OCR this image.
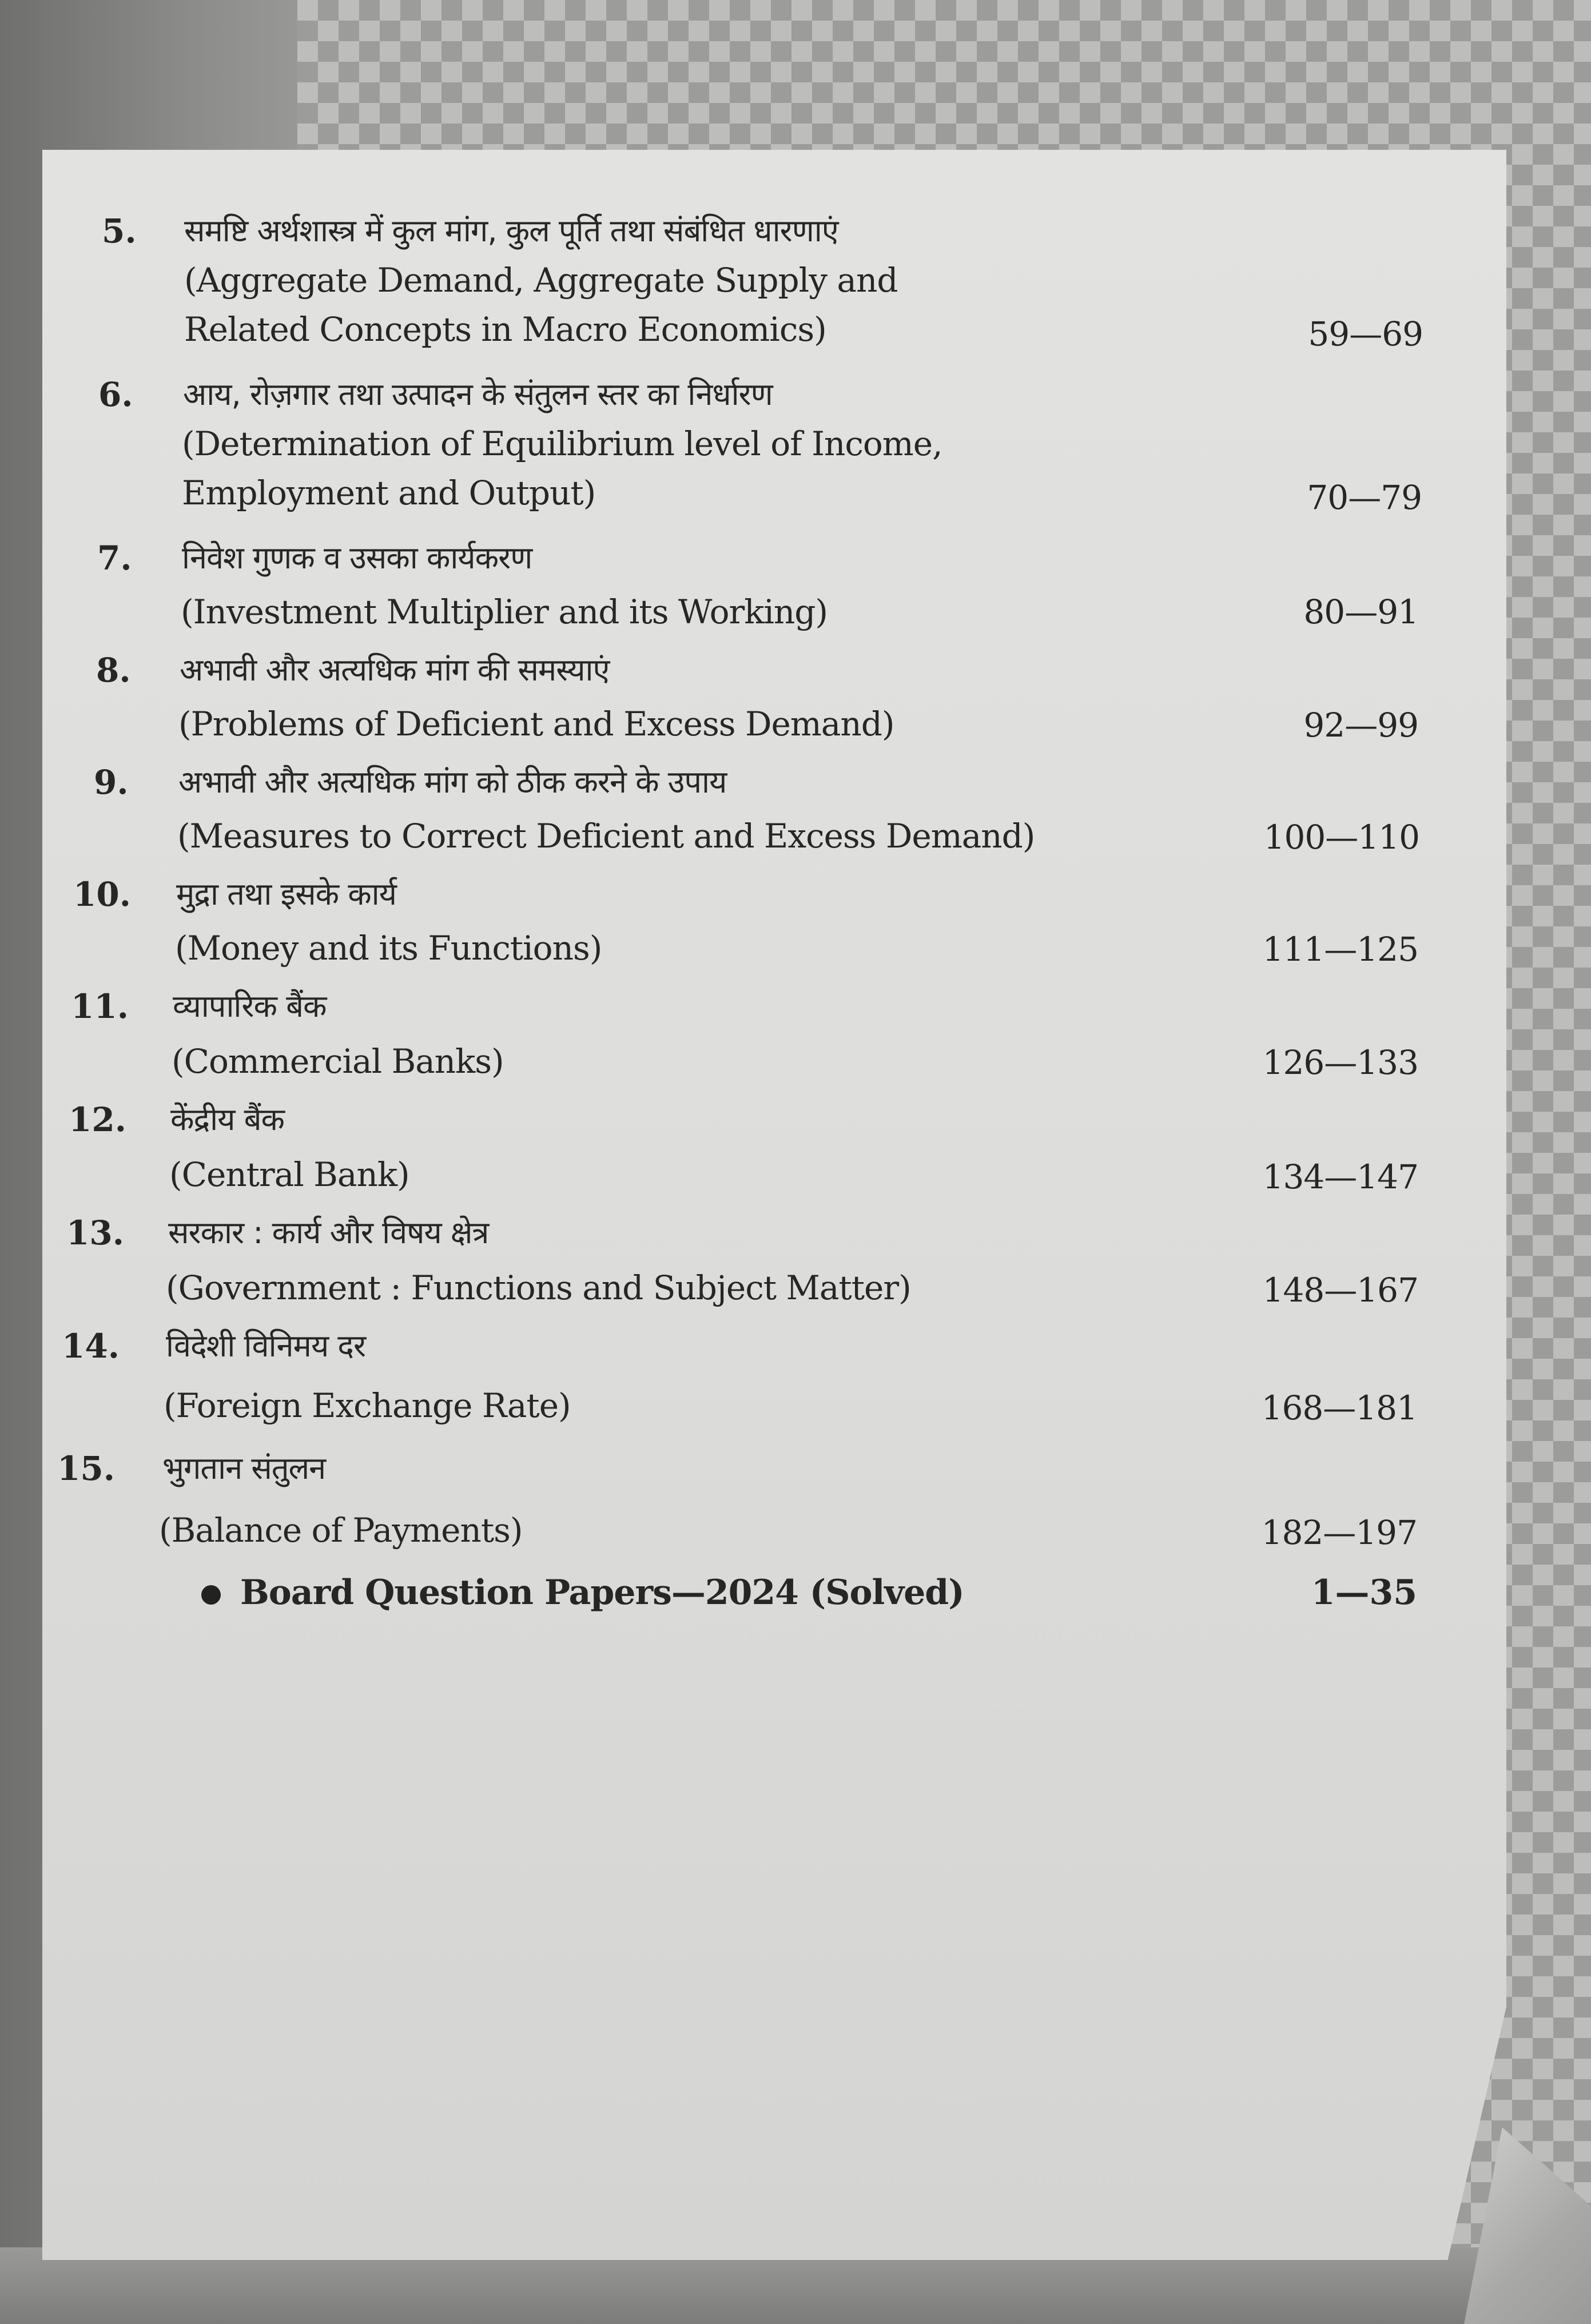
5. समष्टि अर्थशास्त्र में कुल मांग, कुल पूर्ति तथा संबंधित धारणाएं
(Aggregate Demand, Aggregate Supply and
Related Concepts in Macro Economics)	59—69
6. आय, रोज़गार तथा उत्पादन के संतुलन स्तर का निर्धारण
(Determination of Equilibrium level of Income,
Employment and Output)	70—79
7. निवेश गुणक व उसका कार्यकरण
(Investment Multiplier and its Working)	80—91
8. अभावी और अत्यधिक मांग की समस्याएं
(Problems of Deficient and Excess Demand)	92—99
9. अभावी और अत्यधिक मांग को ठीक करने के उपाय
(Measures to Correct Deficient and Excess Demand)	100—110
10. मुद्रा तथा इसके कार्य
(Money and its Functions)	111—125
11. व्यापारिक बैंक
(Commercial Banks)	126—133
12. केंद्रीय बैंक
(Central Bank)	134—147
13. सरकार : कार्य और विषय क्षेत्र
(Government : Functions and Subject Matter)	148—167
14. विदेशी विनिमय दर
(Foreign Exchange Rate)	168—181
15. भुगतान संतुलन
(Balance of Payments)	182—197
Board Question Papers—2024 (Solved)	1—35
